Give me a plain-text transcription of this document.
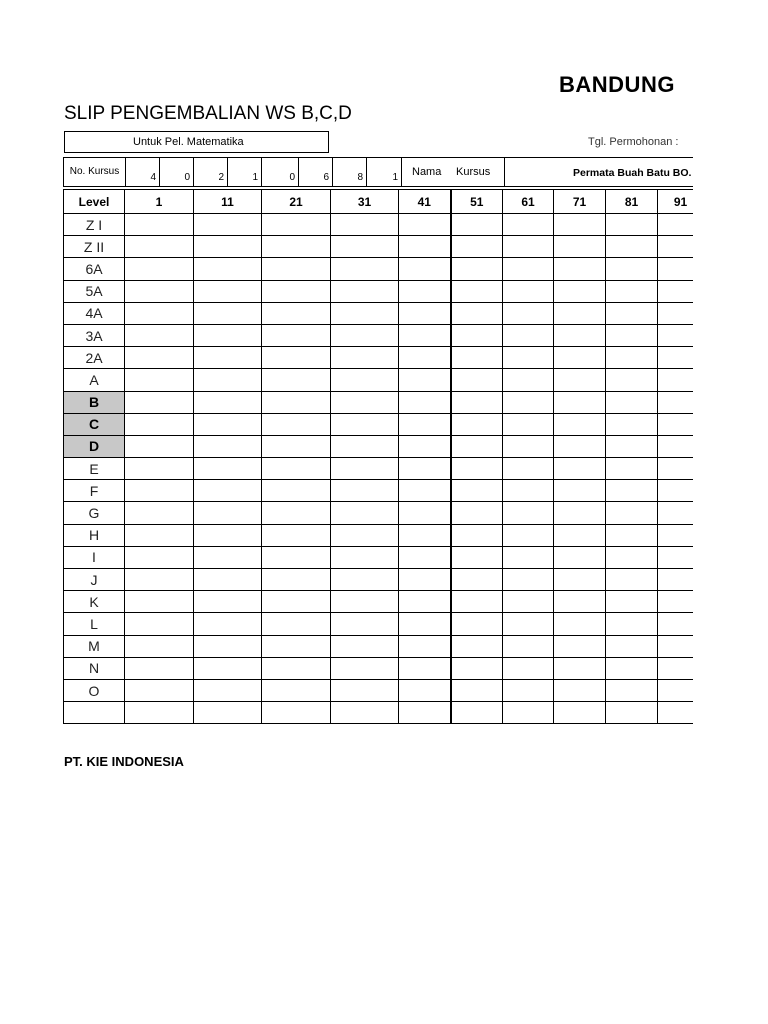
BANDUNG
SLIP PENGEMBALIAN WS B,C,D
Untuk Pel. Matematika	Tgl. Permohonan :
No. Kursus
4	0	2	1	0	6	8	1	Nama	Kursus	Permata Buah Batu BO.
Level	1	11	21	31	41	51	61	71	81	91
Z I										
Z II										
6A										
5A										
4A										
3A										
2A										
A										
B										
C										
D										
E										
F										
G										
H										
I										
J										
K										
L										
M										
N										
O										

PT. KIE INDONESIA
